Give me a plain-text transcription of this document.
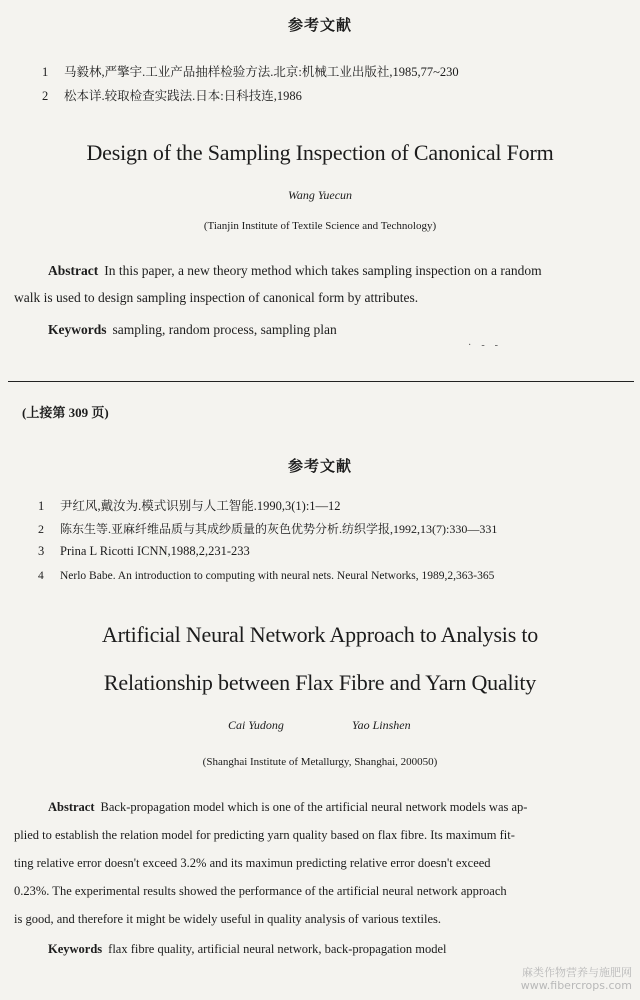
参考文献
1 马毅林,严擎宇.工业产品抽样检验方法.北京:机械工业出版社,1985,77~230
2 松本详.较取检查实践法.日本:日科技连,1986
Design of the Sampling Inspection of Canonical Form
Wang Yuecun
(Tianjin Institute of Textile Science and Technology)
Abstract In this paper, a new theory method which takes sampling inspection on a random
walk is used to design sampling inspection of canonical form by attributes.
Keywords sampling, random process, sampling plan
·    -    -
(上接第 309 页)
参考文献
1 尹红风,戴汝为.模式识别与人工智能.1990,3(1):1—12
2 陈东生等.亚麻纤维品质与其成纱质量的灰色优势分析.纺织学报,1992,13(7):330—331
3 Prina L Ricotti ICNN,1988,2,231-233
4 Nerlo Babe. An introduction to computing with neural nets. Neural Networks, 1989,2,363-365
Artificial Neural Network Approach to Analysis to
Relationship between Flax Fibre and Yarn Quality
Cai Yudong	Yao Linshen
(Shanghai Institute of Metallurgy, Shanghai, 200050)
Abstract Back-propagation model which is one of the artificial neural network models was ap-
plied to establish the relation model for predicting yarn quality based on flax fibre. Its maximum fit-
ting relative error doesn't exceed 3.2% and its maximun predicting relative error doesn't exceed
0.23%. The experimental results showed the performance of the artificial neural network approach
is good, and therefore it might be widely useful in quality analysis of various textiles.
Keywords flax fibre quality, artificial neural network, back-propagation model
麻类作物营养与施肥网
www.fibercrops.com
